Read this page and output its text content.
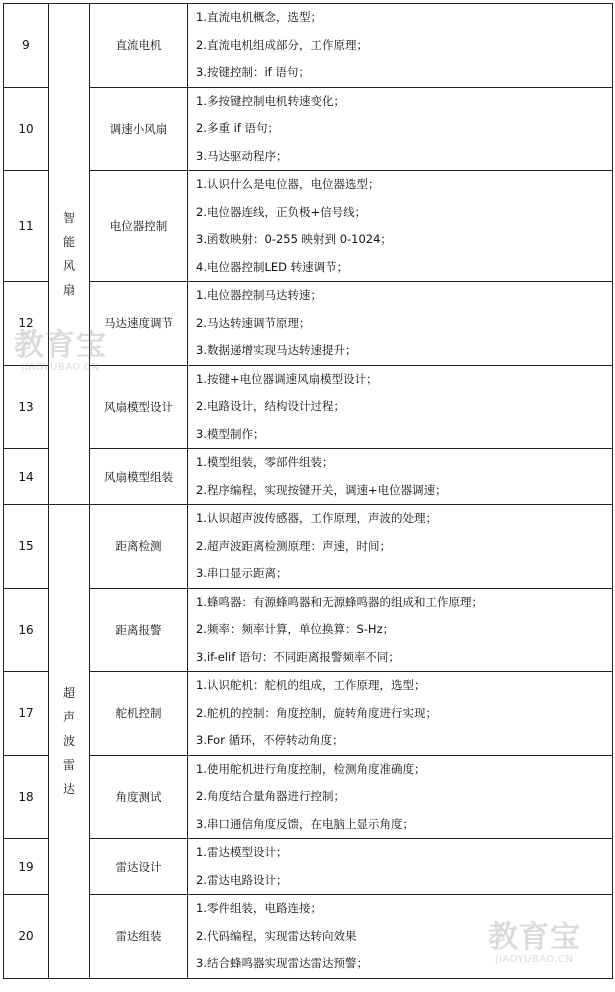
9	智能风扇	直流电机	1.直流电机概念，选型；
2.直流电机组成部分，工作原理；
3.按键控制：if 语句；

10		调速小风扇	1.多按键控制电机转速变化；
2.多重 if 语句；
3.马达驱动程序；

11		电位器控制	1.认识什么是电位器，电位器选型；
2.电位器连线，正负极+信号线；
3.函数映射：0-255 映射到 0-1024；
4.电位器控制LED 转速调节；

12		马达速度调节	1.电位器控制马达转速；
2.马达转速调节原理；
3.数据递增实现马达转速提升；

13		风扇模型设计	1.按键+电位器调速风扇模型设计；
2.电路设计，结构设计过程；
3.模型制作；

14		风扇模型组装	1.模型组装，零部件组装；
2.程序编程，实现按键开关，调速+电位器调速；

15	超声波雷达	距离检测	1.认识超声波传感器，工作原理，声波的处理；
2.超声波距离检测原理：声速，时间；
3.串口显示距离；

16		距离报警	1.蜂鸣器：有源蜂鸣器和无源蜂鸣器的组成和工作原理；
2.频率：频率计算，单位换算：S-Hz；
3.if-elif 语句：不同距离报警频率不同；

17		舵机控制	1.认识舵机：舵机的组成，工作原理，选型；
2.舵机的控制：角度控制，旋转角度进行实现；
3.For 循环，不停转动角度；

18		角度测试	1.使用舵机进行角度控制，检测角度准确度；
2.角度结合量角器进行控制；
3.串口通信角度反馈，在电脑上显示角度；

19		雷达设计	1.雷达模型设计；
2.雷达电路设计；

20		雷达组装	1.零件组装，电路连接；
2.代码编程，实现雷达转向效果
3.结合蜂鸣器实现雷达雷达预警；
教育宝
JIAOYUBAO.CN
教育宝
JIAOYUBAO.CN
